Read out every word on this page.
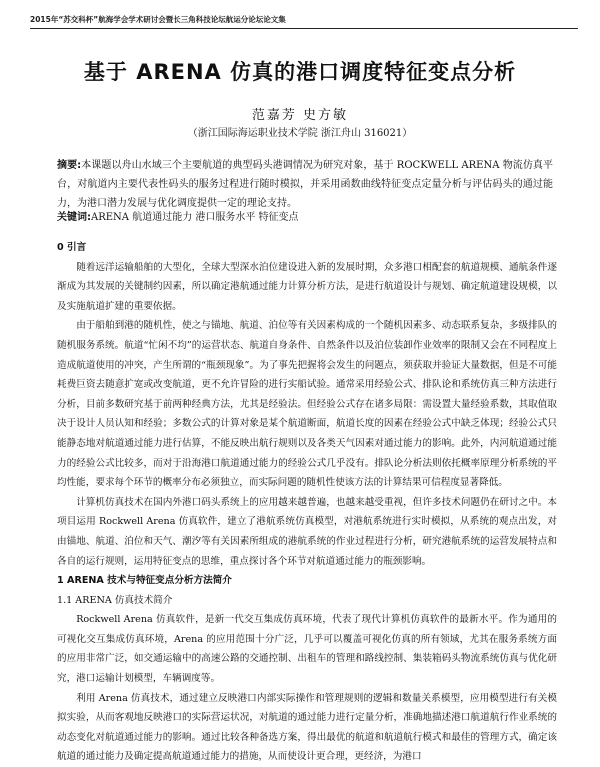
2015年“苏交科杯”航海学会学术研讨会暨长三角科技论坛航运分论坛论文集
基于 ARENA 仿真的港口调度特征变点分析
范嘉芳 史方敏
（浙江国际海运职业技术学院 浙江舟山 316021）
摘要:本课题以舟山水域三个主要航道的典型码头港调情况为研究对象，基于 ROCKWELL ARENA 物流仿真平台，对航道内主要代表性码头的服务过程进行随时模拟，并采用函数曲线特征变点定量分析与评估码头的通过能力，为港口潜力发展与优化调度提供一定的理论支持。
关键词:ARENA 航道通过能力 港口服务水平 特征变点

0 引言

随着远洋运输船舶的大型化，全球大型深水泊位建设进入新的发展时期，众多港口相配套的航道规模、通航条件逐渐成为其发展的关键制约因素，所以确定港航通过能力计算分析方法，是进行航道设计与规划、确定航道建设规模，以及实施航道扩建的重要依据。

由于船舶到港的随机性，使之与锚地、航道、泊位等有关因素构成的一个随机因素多、动态联系复杂，多级排队的随机服务系统。航道“忙闲不均”的运营状态、航道自身条件、自然条件以及泊位装卸作业效率的限制又会在不同程度上造成航道使用的冲突，产生所谓的“瓶颈现象”。为了事先把握将会发生的问题点，须获取并验证大量数据，但是不可能耗费巨资去随意扩宽或改变航道，更不允许冒险的进行实船试验。通常采用经验公式、排队论和系统仿真三种方法进行分析，目前多数研究基于前两种经典方法，尤其是经验法。但经验公式存在诸多局限：需设置大量经验系数，其取值取决于设计人员认知和经验；多数公式的计算对象是某个航道断面，航道长度的因素在经验公式中缺乏体现；经验公式只能静态地对航道通过能力进行估算，不能反映出航行规则以及各类天气因素对通过能力的影响。此外，内河航道通过能力的经验公式比较多，而对于沿海港口航道通过能力的经验公式几乎没有。排队论分析法则依托概率原理分析系统的平均性能，要求每个环节的概率分布必须独立，而实际问题的随机性使该方法的计算结果可信程度显著降低。

计算机仿真技术在国内外港口码头系统上的应用越来越普遍，也越来越受重视，但许多技术问题仍在研讨之中。本项目运用 Rockwell Arena 仿真软件，建立了港航系统仿真模型，对港航系统进行实时模拟，从系统的观点出发，对由锚地、航道、泊位和天气、潮汐等有关因素所组成的港航系统的作业过程进行分析，研究港航系统的运营发展特点和各自的运行规则，运用特征变点的思维，重点探讨各个环节对航道通过能力的瓶颈影响。

1 ARENA 技术与特征变点分析方法简介

1.1 ARENA 仿真技术简介

Rockwell Arena 仿真软件，是新一代交互集成仿真环境，代表了现代计算机仿真软件的最新水平。作为通用的可视化交互集成仿真环境，Arena 的应用范围十分广泛，几乎可以覆盖可视化仿真的所有领域，尤其在服务系统方面的应用非常广泛，如交通运输中的高速公路的交通控制、出租车的管理和路线控制、集装箱码头物流系统仿真与优化研究，港口运输计划模型，车辆调度等。

利用 Arena 仿真技术，通过建立反映港口内部实际操作和管理规则的逻辑和数量关系模型，应用模型进行有关模拟实验，从而客观地反映港口的实际营运状况，对航道的通过能力进行定量分析，准确地描述港口航道航行作业系统的动态变化对航道通过能力的影响。通过比较各种备选方案，得出最优的航道和航道航行模式和最佳的管理方式，确定该航道的通过能力及确定提高航道通过能力的措施，从而使设计更合理，更经济，为港口
